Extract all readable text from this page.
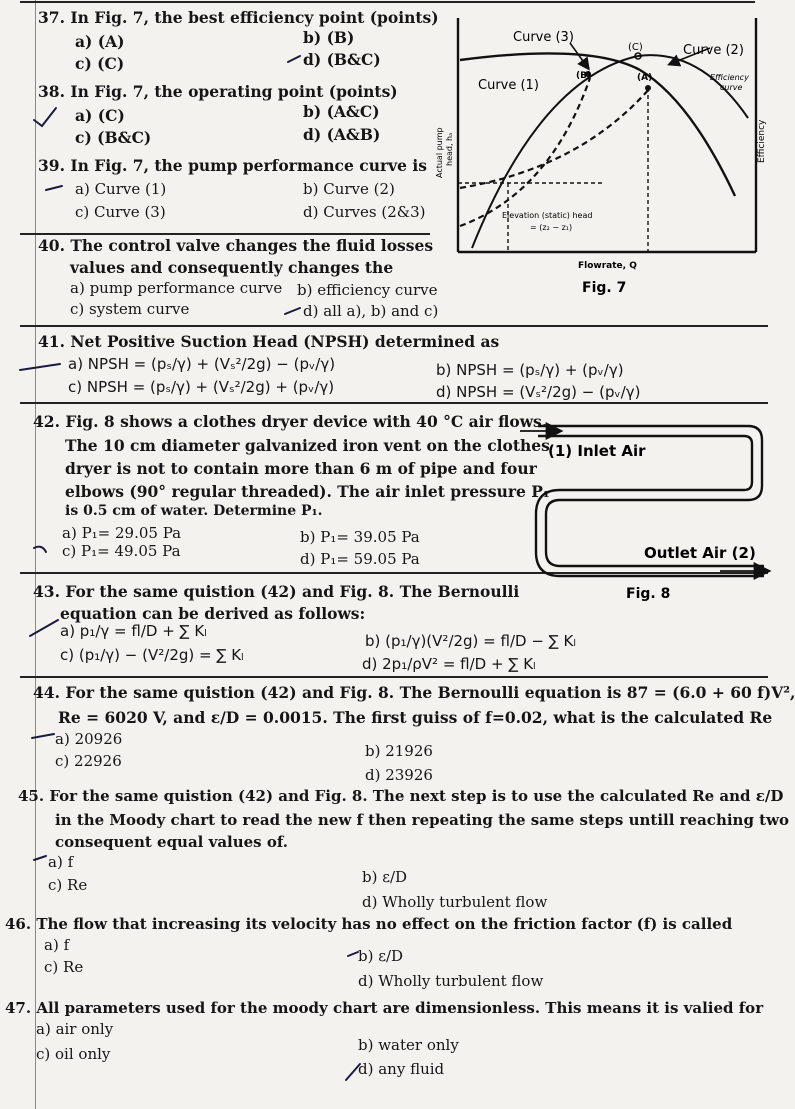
37. In Fig. 7, the best efficiency point (points)
a) (A)	b) (B)
c) (C)	d) (B&C)
38. In Fig. 7, the operating point (points)
a) (C)	b) (A&C)
c) (B&C)	d) (A&B)
39. In Fig. 7, the pump performance curve is
a) Curve (1)	b) Curve (2)
c) Curve (3)	d) Curves (2&3)
40. The control valve changes the fluid losses
values and consequently changes the
a) pump performance curve b) efficiency curve
c) system curve	d) all a), b) and c)
Curve (3)
Curve (1)
Curve (2)
(B)	(A)
(C)
Efficiency
curve
Elevation (static) head
= (z₂ − z₁)
Flowrate, Q
Fig. 7
Actual pump head, hₐ	Efficiency
41. Net Positive Suction Head (NPSH) determined as
a) NPSH = (pₛ/γ) + (Vₛ²/2g) − (pᵥ/γ)	b) NPSH = (pₛ/γ) + (pᵥ/γ)
c) NPSH = (pₛ/γ) + (Vₛ²/2g) + (pᵥ/γ)	d) NPSH = (Vₛ²/2g) − (pᵥ/γ)
42. Fig. 8 shows a clothes dryer device with 40 °C air flows.
The 10 cm diameter galvanized iron vent on the clothes
dryer is not to contain more than 6 m of pipe and four
elbows (90° regular threaded). The air inlet pressure P₁
is 0.5 cm of water. Determine P₁.
a) P₁= 29.05 Pa	b) P₁= 39.05 Pa
c) P₁= 49.05 Pa	d) P₁= 59.05 Pa
(1) Inlet Air
Outlet Air (2)
Fig. 8
43. For the same quistion (42) and Fig. 8. The Bernoulli
equation can be derived as follows:
a) p₁/γ = fl/D + ∑ Kₗ
b) (p₁/γ)(V²/2g) = fl/D − ∑ Kₗ
c) (p₁/γ) − (V²/2g) = ∑ Kₗ	d) 2p₁/ρV² = fl/D + ∑ Kₗ
44. For the same quistion (42) and Fig. 8. The Bernoulli equation is 87 = (6.0 + 60 f)V²,
Re = 6020 V, and ε/D = 0.0015. The first guiss of f=0.02, what is the calculated Re
a) 20926
b) 21926
c) 22926
d) 23926
45. For the same quistion (42) and Fig. 8. The next step is to use the calculated Re and ε/D
in the Moody chart to read the new f then repeating the same steps untill reaching two
consequent equal values of.
a) f
b) ε/D
c) Re
d) Wholly turbulent flow
46. The flow that increasing its velocity has no effect on the friction factor (f) is called
a) f
b) ε/D
c) Re
d) Wholly turbulent flow
47. All parameters used for the moody chart are dimensionless. This means it is valied for
a) air only
b) water only
c) oil only
d) any fluid
